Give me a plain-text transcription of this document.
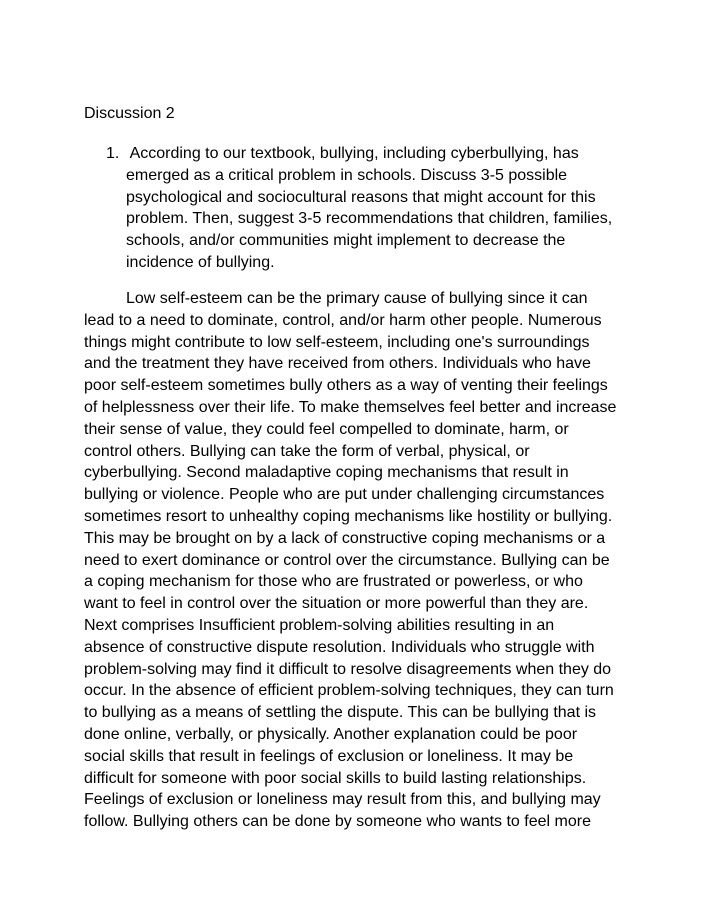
Discussion 2
1. According to our textbook, bullying, including cyberbullying, has
emerged as a critical problem in schools. Discuss 3-5 possible
psychological and sociocultural reasons that might account for this
problem. Then, suggest 3-5 recommendations that children, families,
schools, and/or communities might implement to decrease the
incidence of bullying.
Low self-esteem can be the primary cause of bullying since it can
lead to a need to dominate, control, and/or harm other people. Numerous
things might contribute to low self-esteem, including one's surroundings
and the treatment they have received from others. Individuals who have
poor self-esteem sometimes bully others as a way of venting their feelings
of helplessness over their life. To make themselves feel better and increase
their sense of value, they could feel compelled to dominate, harm, or
control others. Bullying can take the form of verbal, physical, or
cyberbullying. Second maladaptive coping mechanisms that result in
bullying or violence. People who are put under challenging circumstances
sometimes resort to unhealthy coping mechanisms like hostility or bullying.
This may be brought on by a lack of constructive coping mechanisms or a
need to exert dominance or control over the circumstance. Bullying can be
a coping mechanism for those who are frustrated or powerless, or who
want to feel in control over the situation or more powerful than they are.
Next comprises Insufficient problem-solving abilities resulting in an
absence of constructive dispute resolution. Individuals who struggle with
problem-solving may find it difficult to resolve disagreements when they do
occur. In the absence of efficient problem-solving techniques, they can turn
to bullying as a means of settling the dispute. This can be bullying that is
done online, verbally, or physically. Another explanation could be poor
social skills that result in feelings of exclusion or loneliness. It may be
difficult for someone with poor social skills to build lasting relationships.
Feelings of exclusion or loneliness may result from this, and bullying may
follow. Bullying others can be done by someone who wants to feel more
